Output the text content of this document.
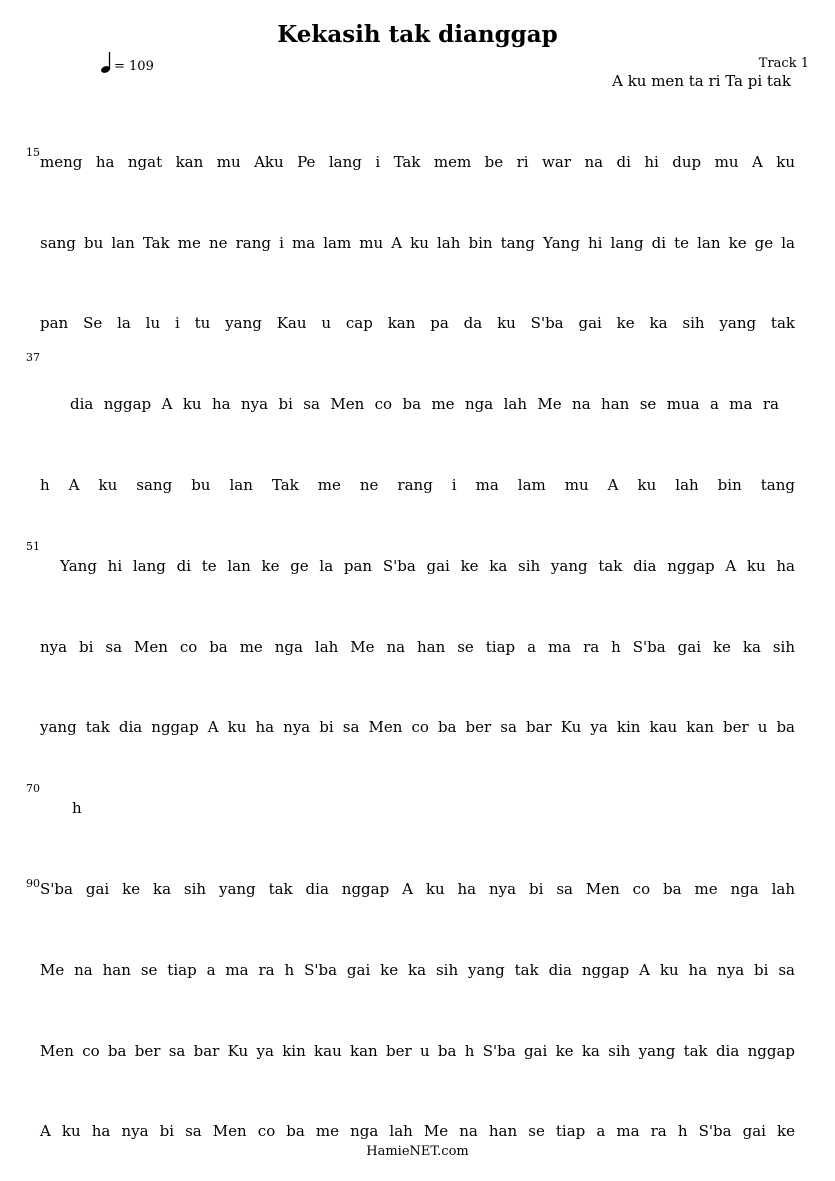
Kekasih tak dianggap
= 109	Track 1
A ku men ta ri Ta pi tak
15
meng ha ngat kan mu Aku Pe lang i Tak mem be ri war na di hi dup mu A ku
sang bu lan Tak me ne rang i ma lam mu A ku lah bin tang Yang hi lang di te lan ke ge la
pan Se la lu i tu yang Kau u cap kan pa da ku S'ba gai ke ka sih yang tak
37
dia nggap A ku ha nya bi sa Men co ba me nga lah Me na han se mua a ma ra
h A ku sang bu lan Tak me ne rang i ma lam mu A ku lah bin tang
51
Yang hi lang di te lan ke ge la pan S'ba gai ke ka sih yang tak dia nggap A ku ha
nya bi sa Men co ba me nga lah Me na han se tiap a ma ra h S'ba gai ke ka sih
yang tak dia nggap A ku ha nya bi sa Men co ba ber sa bar Ku ya kin kau kan ber u ba
70
h
90 S'ba gai ke ka sih yang tak dia nggap A ku ha nya bi sa Men co ba me nga lah
Me na han se tiap a ma ra h S'ba gai ke ka sih yang tak dia nggap A ku ha nya bi sa
Men co ba ber sa bar Ku ya kin kau kan ber u ba h S'ba gai ke ka sih yang tak dia nggap
A ku ha nya bi sa Men co ba me nga lah Me na han se tiap a ma ra h S'ba gai ke
HamieNET.com
